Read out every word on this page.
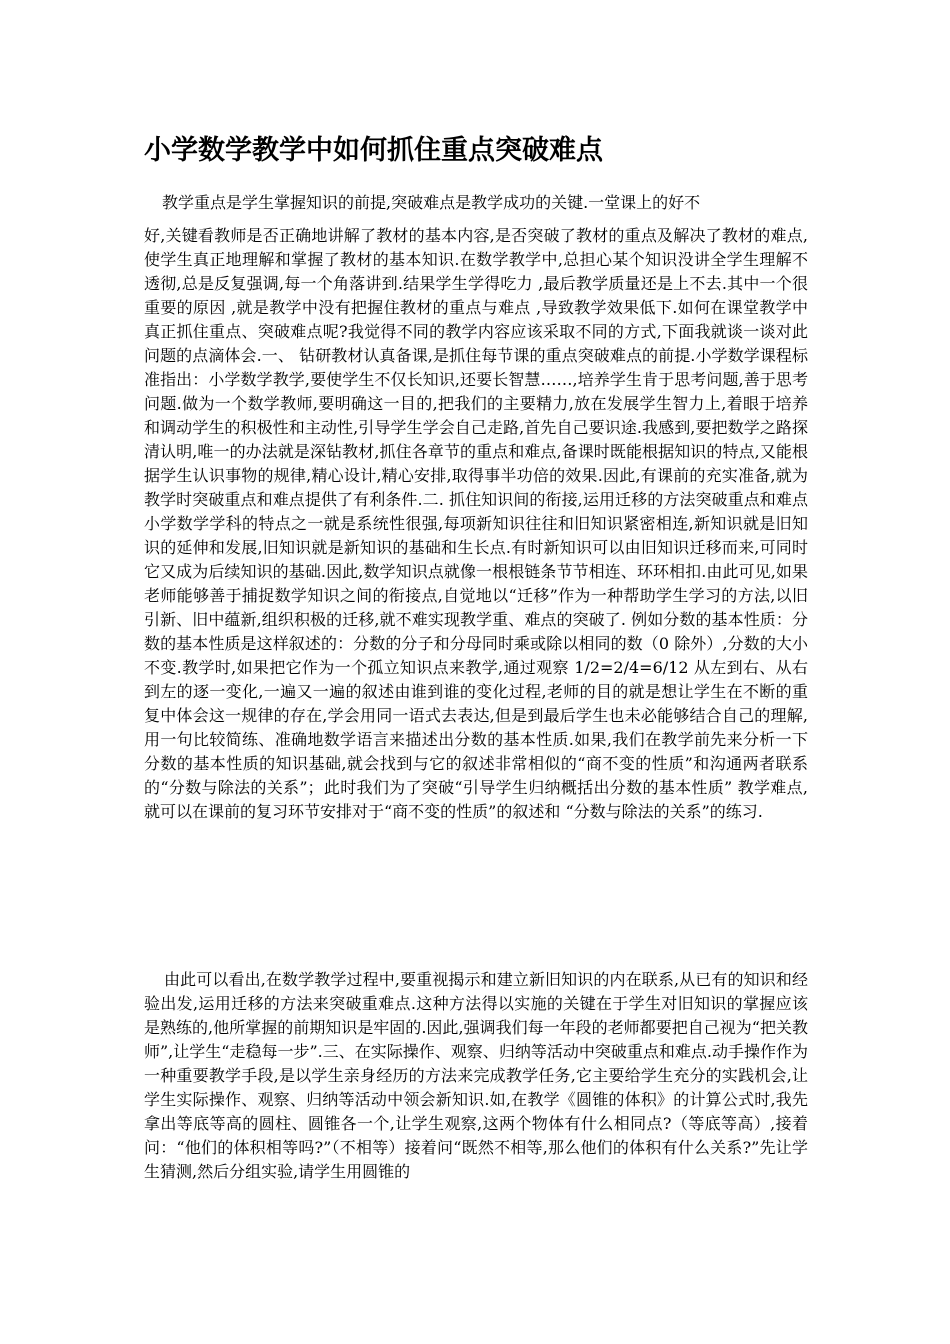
小学数学教学中如何抓住重点突破难点
教学重点是学生掌握知识的前提,突破难点是教学成功的关键.一堂课上的好不

好,关键看教师是否正确地讲解了教材的基本内容,是否突破了教材的重点及解决了教材的难点,使学生真正地理解和掌握了教材的基本知识.在数学教学中,总担心某个知识没讲全学生理解不透彻,总是反复强调,每一个角落讲到.结果学生学得吃力 ,最后教学质量还是上不去.其中一个很重要的原因 ,就是教学中没有把握住教材的重点与难点 ,导致教学效果低下.如何在课堂教学中真正抓住重点、突破难点呢?我觉得不同的教学内容应该采取不同的方式,下面我就谈一谈对此问题的点滴体会.一、 钻研教材认真备课,是抓住每节课的重点突破难点的前提.小学数学课程标准指出：小学数学教学,要使学生不仅长知识,还要长智慧……,培养学生肯于思考问题,善于思考问题.做为一个数学教师,要明确这一目的,把我们的主要精力,放在发展学生智力上,着眼于培养和调动学生的积极性和主动性,引导学生学会自己走路,首先自己要识途.我感到,要把数学之路探清认明,唯一的办法就是深钻教材,抓住各章节的重点和难点,备课时既能根据知识的特点,又能根据学生认识事物的规律,精心设计,精心安排,取得事半功倍的效果.因此,有课前的充实准备,就为教学时突破重点和难点提供了有利条件.二. 抓住知识间的衔接,运用迁移的方法突破重点和难点 小学数学学科的特点之一就是系统性很强,每项新知识往往和旧知识紧密相连,新知识就是旧知识的延伸和发展,旧知识就是新知识的基础和生长点.有时新知识可以由旧知识迁移而来,可同时它又成为后续知识的基础.因此,数学知识点就像一根根链条节节相连、环环相扣.由此可见,如果老师能够善于捕捉数学知识之间的衔接点,自觉地以“迁移”作为一种帮助学生学习的方法,以旧引新、旧中蕴新,组织积极的迁移,就不难实现教学重、难点的突破了. 例如分数的基本性质：分数的基本性质是这样叙述的：分数的分子和分母同时乘或除以相同的数（0 除外）,分数的大小不变.教学时,如果把它作为一个孤立知识点来教学,通过观察 1/2=2/4=6/12 从左到右、从右到左的逐一变化,一遍又一遍的叙述由谁到谁的变化过程,老师的目的就是想让学生在不断的重复中体会这一规律的存在,学会用同一语式去表达,但是到最后学生也未必能够结合自己的理解,用一句比较简练、准确地数学语言来描述出分数的基本性质.如果,我们在教学前先来分析一下分数的基本性质的知识基础,就会找到与它的叙述非常相似的“商不变的性质”和沟通两者联系的“分数与除法的关系”；此时我们为了突破“引导学生归纳概括出分数的基本性质” 教学难点,就可以在课前的复习环节安排对于“商不变的性质”的叙述和 “分数与除法的关系”的练习.

由此可以看出,在数学教学过程中,要重视揭示和建立新旧知识的内在联系,从已有的知识和经验出发,运用迁移的方法来突破重难点.这种方法得以实施的关键在于学生对旧知识的掌握应该是熟练的,他所掌握的前期知识是牢固的.因此,强调我们每一年段的老师都要把自己视为“把关教师”,让学生“走稳每一步”.三、在实际操作、观察、归纳等活动中突破重点和难点.动手操作作为一种重要教学手段,是以学生亲身经历的方法来完成教学任务,它主要给学生充分的实践机会,让学生实际操作、观察、归纳等活动中领会新知识.如,在教学《圆锥的体积》的计算公式时,我先拿出等底等高的圆柱、圆锥各一个,让学生观察,这两个物体有什么相同点?（等底等高）,接着问：“他们的体积相等吗?”（不相等）接着问“既然不相等,那么他们的体积有什么关系?”先让学生猜测,然后分组实验,请学生用圆锥的
